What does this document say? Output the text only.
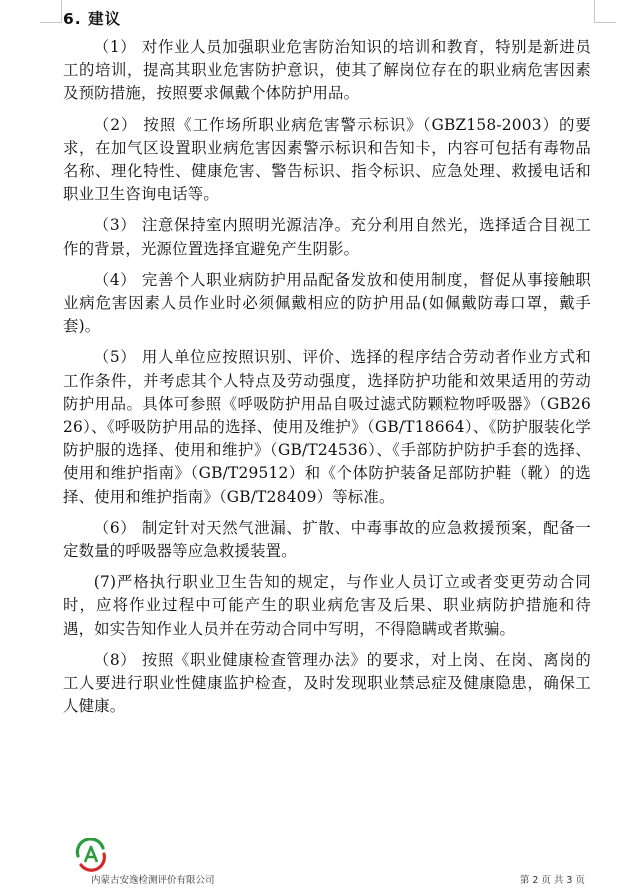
6. 建议

（1） 对作业人员加强职业危害防治知识的培训和教育，特别是新进员工的培训，提高其职业危害防护意识，使其了解岗位存在的职业病危害因素及预防措施，按照要求佩戴个体防护用品。

（2） 按照《工作场所职业病危害警示标识》（GBZ158-2003）的要求，在加气区设置职业病危害因素警示标识和告知卡，内容可包括有毒物品名称、理化特性、健康危害、警告标识、指令标识、应急处理、救援电话和职业卫生咨询电话等。

（3） 注意保持室内照明光源洁净。充分利用自然光，选择适合目视工作的背景，光源位置选择宜避免产生阴影。

（4） 完善个人职业病防护用品配备发放和使用制度，督促从事接触职业病危害因素人员作业时必须佩戴相应的防护用品(如佩戴防毒口罩，戴手套)。

（5） 用人单位应按照识别、评价、选择的程序结合劳动者作业方式和工作条件，并考虑其个人特点及劳动强度，选择防护功能和效果适用的劳动防护用品。具体可参照《呼吸防护用品自吸过滤式防颗粒物呼吸器》（GB2626）、《呼吸防护用品的选择、使用及维护》（GB/T18664）、《防护服装化学防护服的选择、使用和维护》（GB/T24536）、《手部防护防护手套的选择、使用和维护指南》（GB/T29512）和《个体防护装备足部防护鞋（靴）的选择、使用和维护指南》（GB/T28409）等标准。

（6） 制定针对天然气泄漏、扩散、中毒事故的应急救援预案，配备一定数量的呼吸器等应急救援装置。

(7)严格执行职业卫生告知的规定，与作业人员订立或者变更劳动合同时，应将作业过程中可能产生的职业病危害及后果、职业病防护措施和待遇，如实告知作业人员并在劳动合同中写明，不得隐瞒或者欺骗。

（8） 按照《职业健康检查管理办法》的要求，对上岗、在岗、离岗的工人要进行职业性健康监护检查，及时发现职业禁忌症及健康隐患，确保工人健康。

内蒙古安逸检测评价有限公司	第 2 页 共 3 页
